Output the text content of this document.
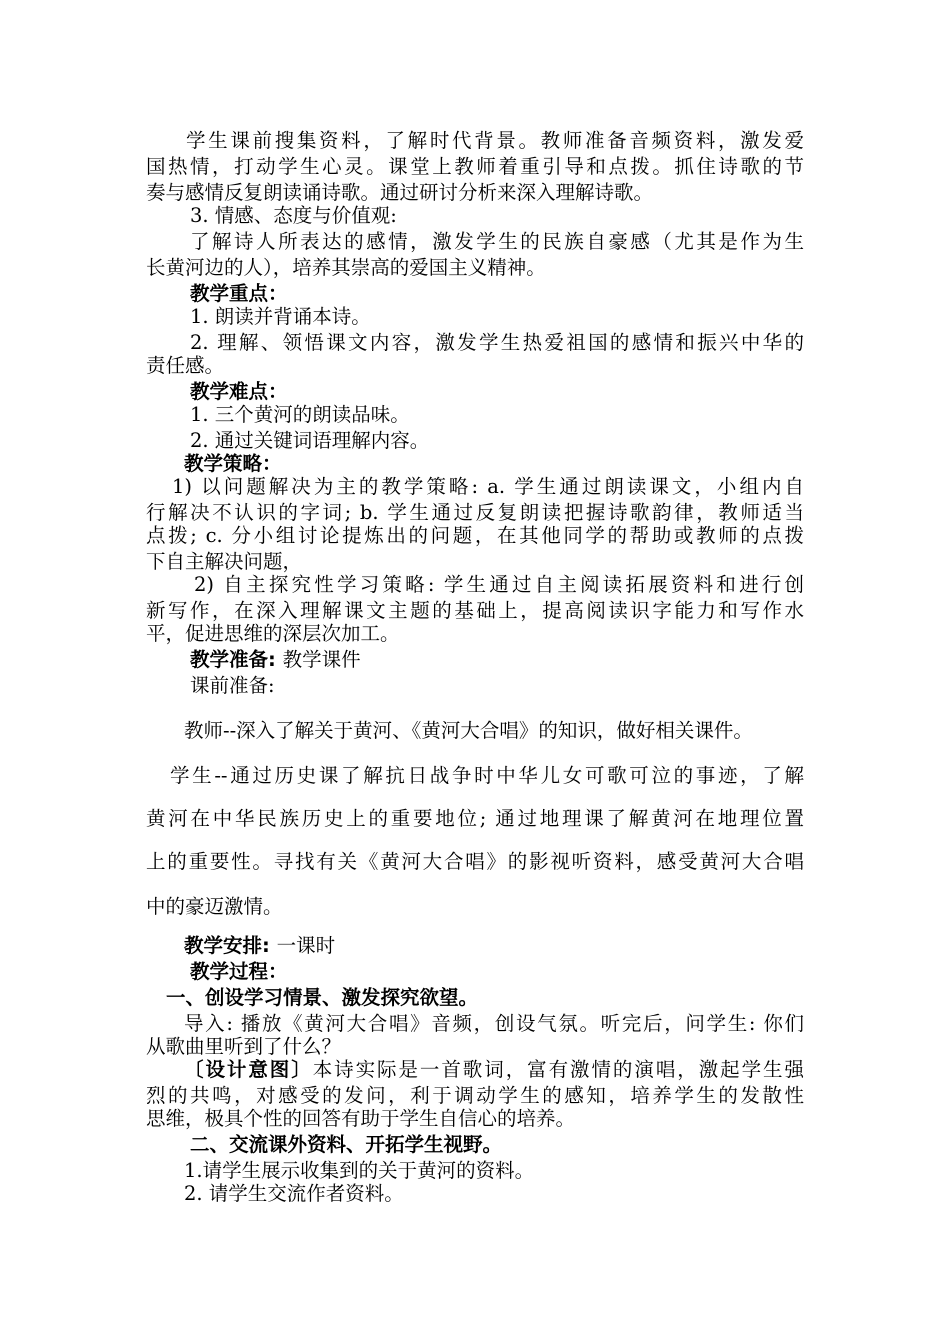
学生课前搜集资料，了解时代背景。教师准备音频资料，激发爱
国热情，打动学生心灵。课堂上教师着重引导和点拨。抓住诗歌的节
奏与感情反复朗读诵诗歌。通过研讨分析来深入理解诗歌。
3. 情感、态度与价值观:
了解诗人所表达的感情，激发学生的民族自豪感（尤其是作为生
长黄河边的人），培养其崇高的爱国主义精神。
教学重点：
1. 朗读并背诵本诗。
2. 理解、领悟课文内容，激发学生热爱祖国的感情和振兴中华的
责任感。
教学难点：
1. 三个黄河的朗读品味。
2. 通过关键词语理解内容。
教学策略：
1) 以问题解决为主的教学策略: a. 学生通过朗读课文，小组内自
行解决不认识的字词; b. 学生通过反复朗读把握诗歌韵律，教师适当
点拨; c. 分小组讨论提炼出的问题，在其他同学的帮助或教师的点拨
下自主解决问题，
2) 自主探究性学习策略: 学生通过自主阅读拓展资料和进行创
新写作，在深入理解课文主题的基础上，提高阅读识字能力和写作水
平，促进思维的深层次加工。
教学准备: 教学课件
课前准备:
教师--深入了解关于黄河、《黄河大合唱》的知识，做好相关课件。
学生--通过历史课了解抗日战争时中华儿女可歌可泣的事迹，了解
黄河在中华民族历史上的重要地位; 通过地理课了解黄河在地理位置
上的重要性。寻找有关《黄河大合唱》的影视听资料，感受黄河大合唱
中的豪迈激情。
教学安排: 一课时
教学过程：
一、创设学习情景、激发探究欲望。
导入: 播放《黄河大合唱》音频，创设气氛。听完后，问学生: 你们
从歌曲里听到了什么？
〔设计意图〕本诗实际是一首歌词，富有激情的演唱，激起学生强
烈的共鸣，对感受的发问，利于调动学生的感知，培养学生的发散性
思维，极具个性的回答有助于学生自信心的培养。
二、交流课外资料、开拓学生视野。
1.请学生展示收集到的关于黄河的资料。
2. 请学生交流作者资料。
